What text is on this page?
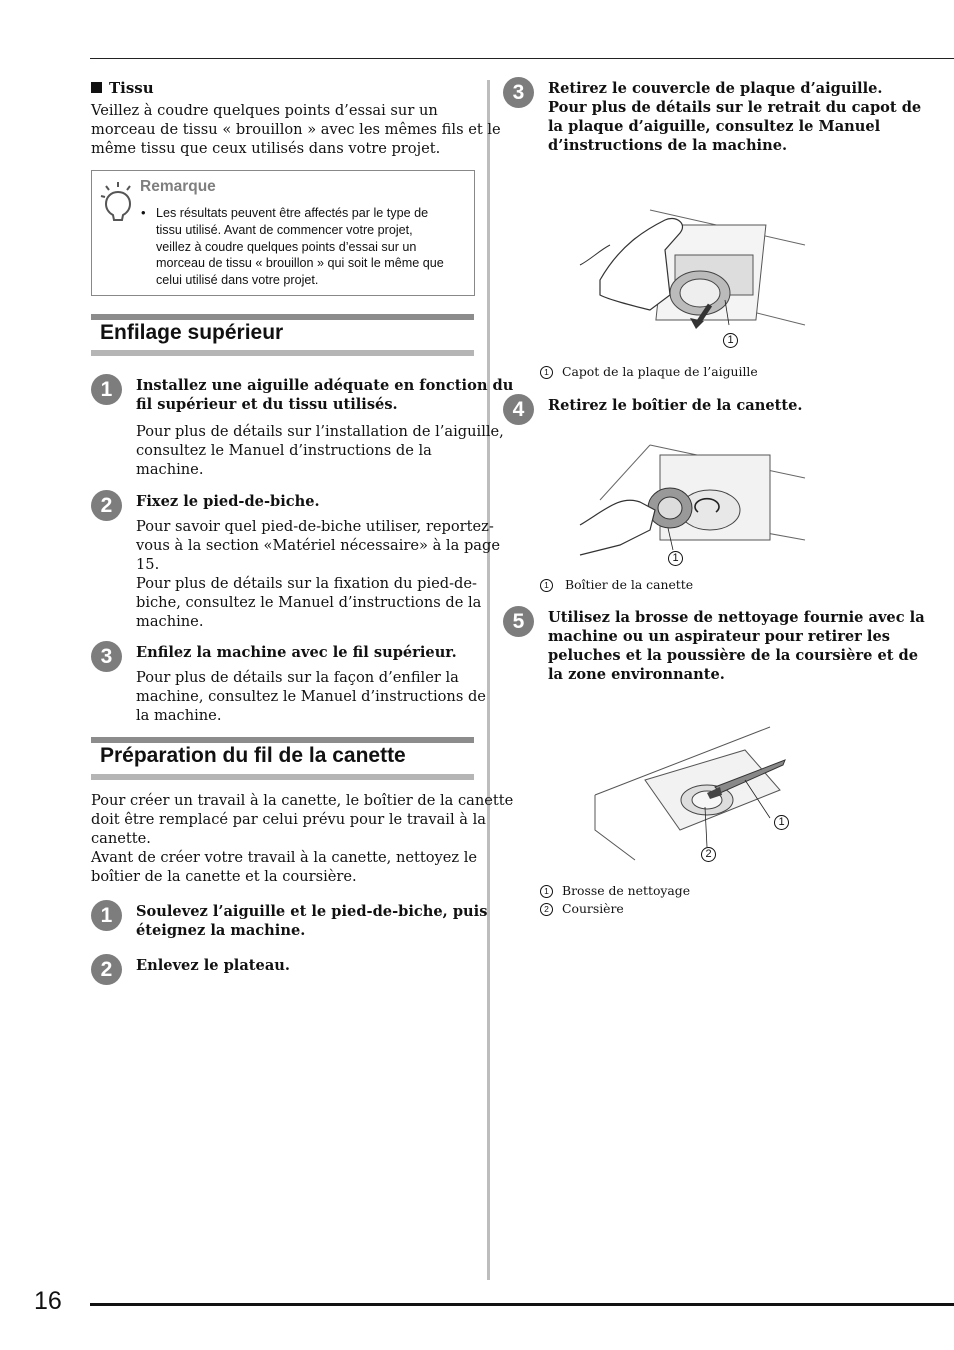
16
Tissu
Veillez à coudre quelques points d’essai sur un
morceau de tissu « brouillon » avec les mêmes fils et le
même tissu que ceux utilisés dans votre projet.
Remarque
• Les résultats peuvent être affectés par le type de
tissu utilisé. Avant de commencer votre projet,
veillez à coudre quelques points d’essai sur un
morceau de tissu « brouillon » qui soit le même que
celui utilisé dans votre projet.
Enfilage supérieur
1	Installez une aiguille adéquate en fonction du
fil supérieur et du tissu utilisés.
Pour plus de détails sur l’installation de l’aiguille,
consultez le Manuel d’instructions de la
machine.
2	Fixez le pied-de-biche.
Pour savoir quel pied-de-biche utiliser, reportez-
vous à la section «Matériel nécessaire» à la page
15.
Pour plus de détails sur la fixation du pied-de-
biche, consultez le Manuel d’instructions de la
machine.
3	Enfilez la machine avec le fil supérieur.
Pour plus de détails sur la façon d’enfiler la
machine, consultez le Manuel d’instructions de
la machine.
Préparation du fil de la canette
Pour créer un travail à la canette, le boîtier de la canette
doit être remplacé par celui prévu pour le travail à la
canette.
Avant de créer votre travail à la canette, nettoyez le
boîtier de la canette et la coursière.
1	Soulevez l’aiguille et le pied-de-biche, puis
éteignez la machine.
2	Enlevez le plateau.
3	Retirez le couvercle de plaque d’aiguille.
Pour plus de détails sur le retrait du capot de
la plaque d’aiguille, consultez le Manuel
d’instructions de la machine.
1
1 Capot de la plaque de l’aiguille
4	Retirez le boîtier de la canette.
1
1 Boîtier de la canette
5	Utilisez la brosse de nettoyage fournie avec la
machine ou un aspirateur pour retirer les
peluches et la poussière de la coursière et de
la zone environnante.
1
2
1 Brosse de nettoyage
2 Coursière
